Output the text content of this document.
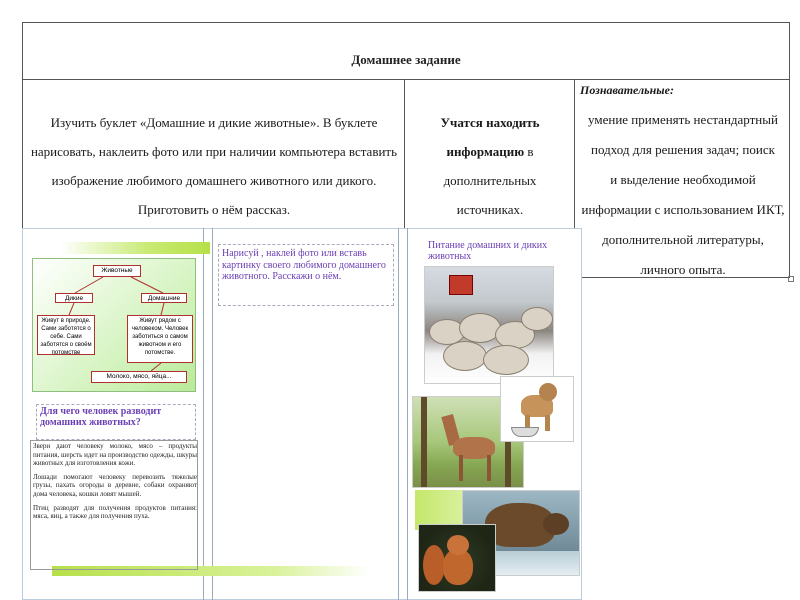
Домашнее задание
Изучить буклет «Домашние и дикие животные». В буклете
нарисовать, наклеить фото или при наличии компьютера вставить
изображение любимого домашнего животного или дикого.
Приготовить о нём рассказ.
Учатся находить
информацию в
дополнительных
источниках.
Познавательные:
умение применять нестандартный
подход для решения задач; поиск
и выделение необходимой
информации с использованием ИКТ,
дополнительной литературы,
личного опыта.
Животные
Дикие	Домашние
Живут в природе. Сами заботятся о себе. Сами заботятся о своём потомстве
Живут рядом с человеком. Человек заботиться о самом животном и его потомстве.
Молоко, мясо, яйца...
Для чего человек разводит домашних животных?

Звери дают человеку молоко, мясо – продукты питания, шерсть идет на производство одежды, шкуры животных для изготовления кожи.

Лошади помогают человеку перевозить тяжелые грузы, пахать огороды в деревне, собаки охраняют дома человека, кошки ловят мышей.

Птиц разводят для получения продуктов питания: мяса, яиц, а также для получения пуха.

Нарисуй , наклей фото или вставь картинку своего любимого домашнего животного. Расскажи о нём.
Питание домашних и диких животных
